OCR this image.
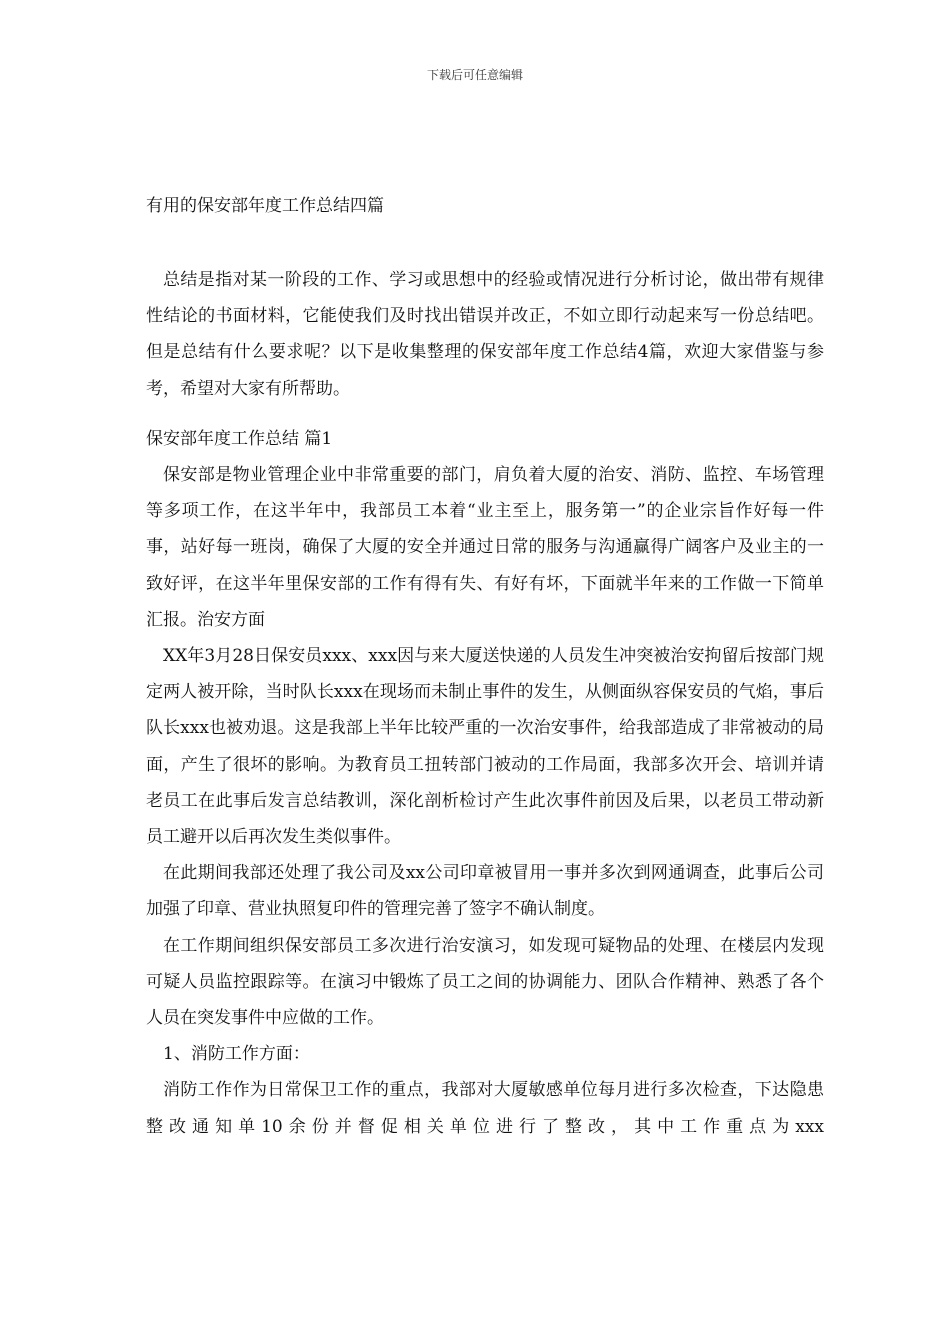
下载后可任意编辑

有用的保安部年度工作总结四篇

总结是指对某一阶段的工作、学习或思想中的经验或情况进行分析讨论，做出带有规律性结论的书面材料，它能使我们及时找出错误并改正，不如立即行动起来写一份总结吧。但是总结有什么要求呢？以下是收集整理的保安部年度工作总结4篇，欢迎大家借鉴与参考，希望对大家有所帮助。

保安部年度工作总结 篇1

保安部是物业管理企业中非常重要的部门，肩负着大厦的治安、消防、监控、车场管理等多项工作，在这半年中，我部员工本着“业主至上，服务第一”的企业宗旨作好每一件事，站好每一班岗，确保了大厦的安全并通过日常的服务与沟通赢得广阔客户及业主的一致好评，在这半年里保安部的工作有得有失、有好有坏，下面就半年来的工作做一下简单汇报。治安方面

XX年3月28日保安员xxx、xxx因与来大厦送快递的人员发生冲突被治安拘留后按部门规定两人被开除，当时队长xxx在现场而未制止事件的发生，从侧面纵容保安员的气焰，事后队长xxx也被劝退。这是我部上半年比较严重的一次治安事件，给我部造成了非常被动的局面，产生了很坏的影响。为教育员工扭转部门被动的工作局面，我部多次开会、培训并请老员工在此事后发言总结教训，深化剖析检讨产生此次事件前因及后果，以老员工带动新员工避开以后再次发生类似事件。

在此期间我部还处理了我公司及xx公司印章被冒用一事并多次到网通调查，此事后公司加强了印章、营业执照复印件的管理完善了签字不确认制度。

在工作期间组织保安部员工多次进行治安演习，如发现可疑物品的处理、在楼层内发现可疑人员监控跟踪等。在演习中锻炼了员工之间的协调能力、团队合作精神、熟悉了各个人员在突发事件中应做的工作。

1、消防工作方面：

消防工作作为日常保卫工作的重点，我部对大厦敏感单位每月进行多次检查，下达隐患整改通知单10余份并督促相关单位进行了整改，其中工作重点为xxx
